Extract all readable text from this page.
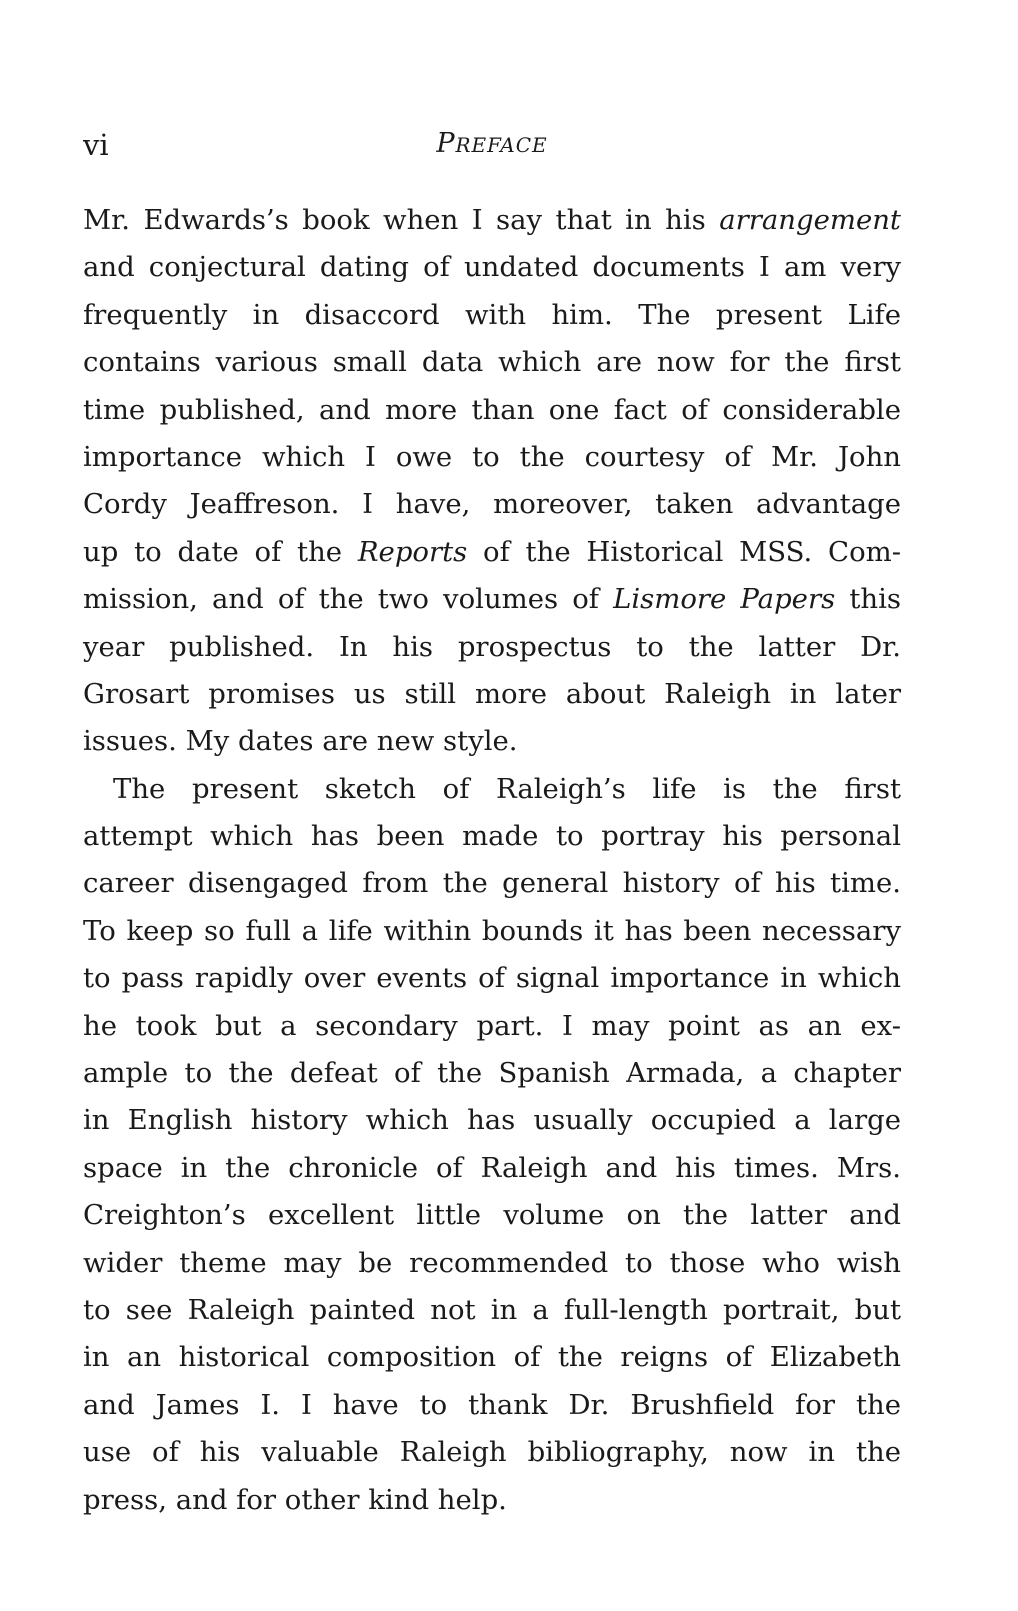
vi	PREFACE
Mr. Edwards’s book when I say that in his arrangement
and conjectural dating of undated documents I am very
frequently in disaccord with him. The present Life
contains various small data which are now for the first
time published, and more than one fact of considerable
importance which I owe to the courtesy of Mr. John
Cordy Jeaffreson. I have, moreover, taken advantage
up to date of the Reports of the Historical MSS. Com-
mission, and of the two volumes of Lismore Papers this
year published. In his prospectus to the latter Dr.
Grosart promises us still more about Raleigh in later
issues. My dates are new style.
The present sketch of Raleigh’s life is the first
attempt which has been made to portray his personal
career disengaged from the general history of his time.
To keep so full a life within bounds it has been necessary
to pass rapidly over events of signal importance in which
he took but a secondary part. I may point as an ex-
ample to the defeat of the Spanish Armada, a chapter
in English history which has usually occupied a large
space in the chronicle of Raleigh and his times. Mrs.
Creighton’s excellent little volume on the latter and
wider theme may be recommended to those who wish
to see Raleigh painted not in a full-length portrait, but
in an historical composition of the reigns of Elizabeth
and James I. I have to thank Dr. Brushfield for the
use of his valuable Raleigh bibliography, now in the
press, and for other kind help.
